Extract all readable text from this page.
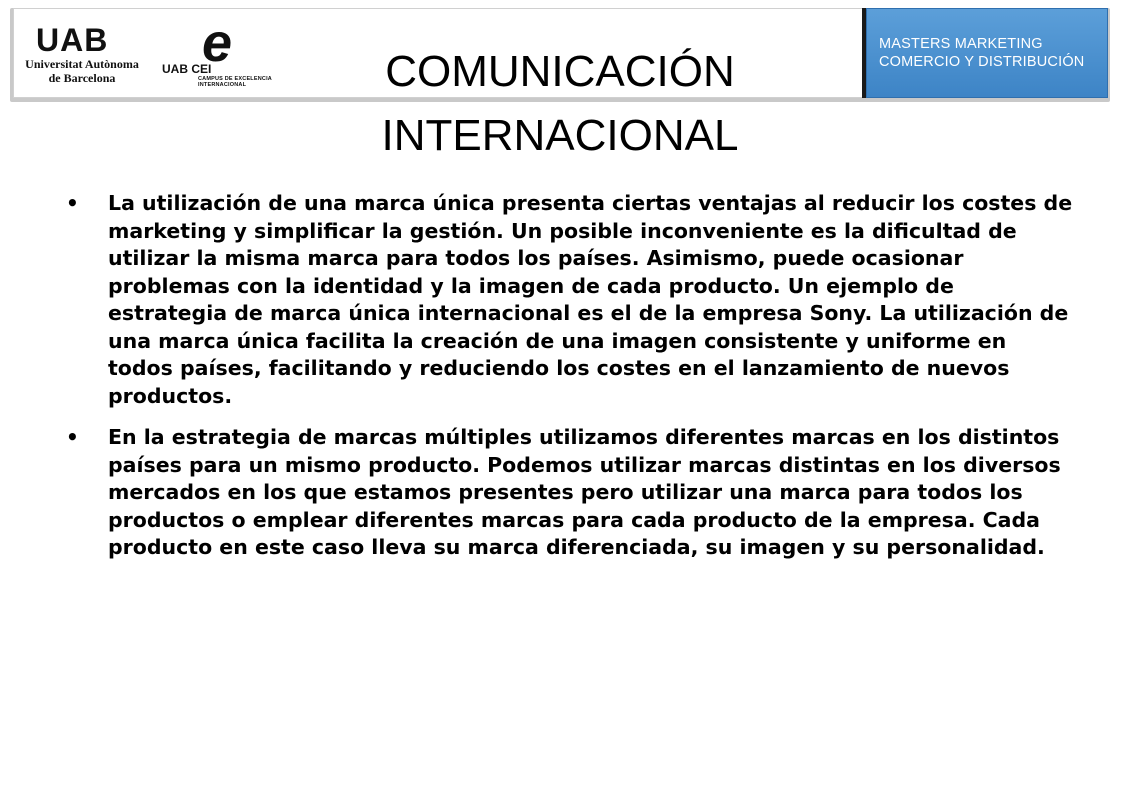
UAB
Universitat Autònoma
de Barcelona
e
UAB CEI
CAMPUS DE EXCELENCIA
INTERNACIONAL
MASTERS MARKETING
COMERCIO Y DISTRIBUCIÓN
COMUNICACIÓN INTERNACIONAL
• La utilización de una marca única presenta ciertas ventajas al reducir los costes de marketing y simplificar la gestión. Un posible inconveniente es la dificultad de utilizar la misma marca para todos los países. Asimismo, puede ocasionar problemas con la identidad y la imagen de cada producto. Un ejemplo de estrategia de marca única internacional es el de la empresa Sony. La utilización de una marca única facilita la creación de una imagen consistente y uniforme en todos países, facilitando y reduciendo los costes en el lanzamiento de nuevos productos.
• En la estrategia de marcas múltiples utilizamos diferentes marcas en los distintos países para un mismo producto. Podemos utilizar marcas distintas en los diversos mercados en los que estamos presentes pero utilizar una marca para todos los productos o emplear diferentes marcas para cada producto de la empresa. Cada producto en este caso lleva su marca diferenciada, su imagen y su personalidad.
